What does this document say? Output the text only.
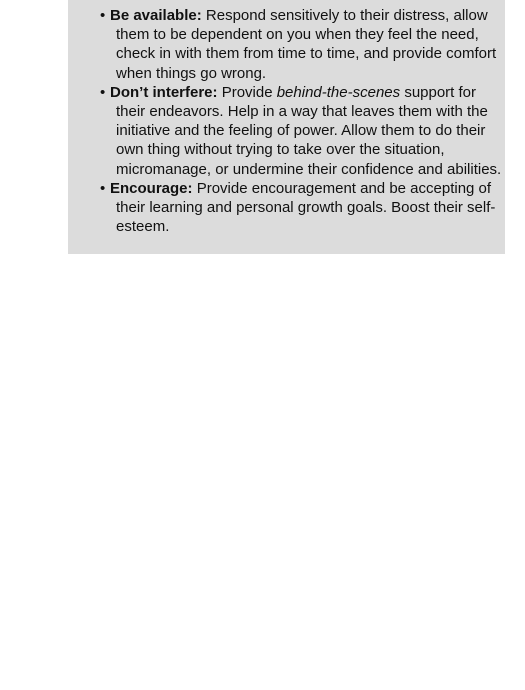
• Be available: Respond sensitively to their distress, allow them to be dependent on you when they feel the need, check in with them from time to time, and provide comfort when things go wrong.
• Don’t interfere: Provide behind-the-scenes support for their endeavors. Help in a way that leaves them with the initiative and the feeling of power. Allow them to do their own thing without trying to take over the situation, micromanage, or undermine their confidence and abilities.
• Encourage: Provide encouragement and be accepting of their learning and personal growth goals. Boost their self-esteem.
